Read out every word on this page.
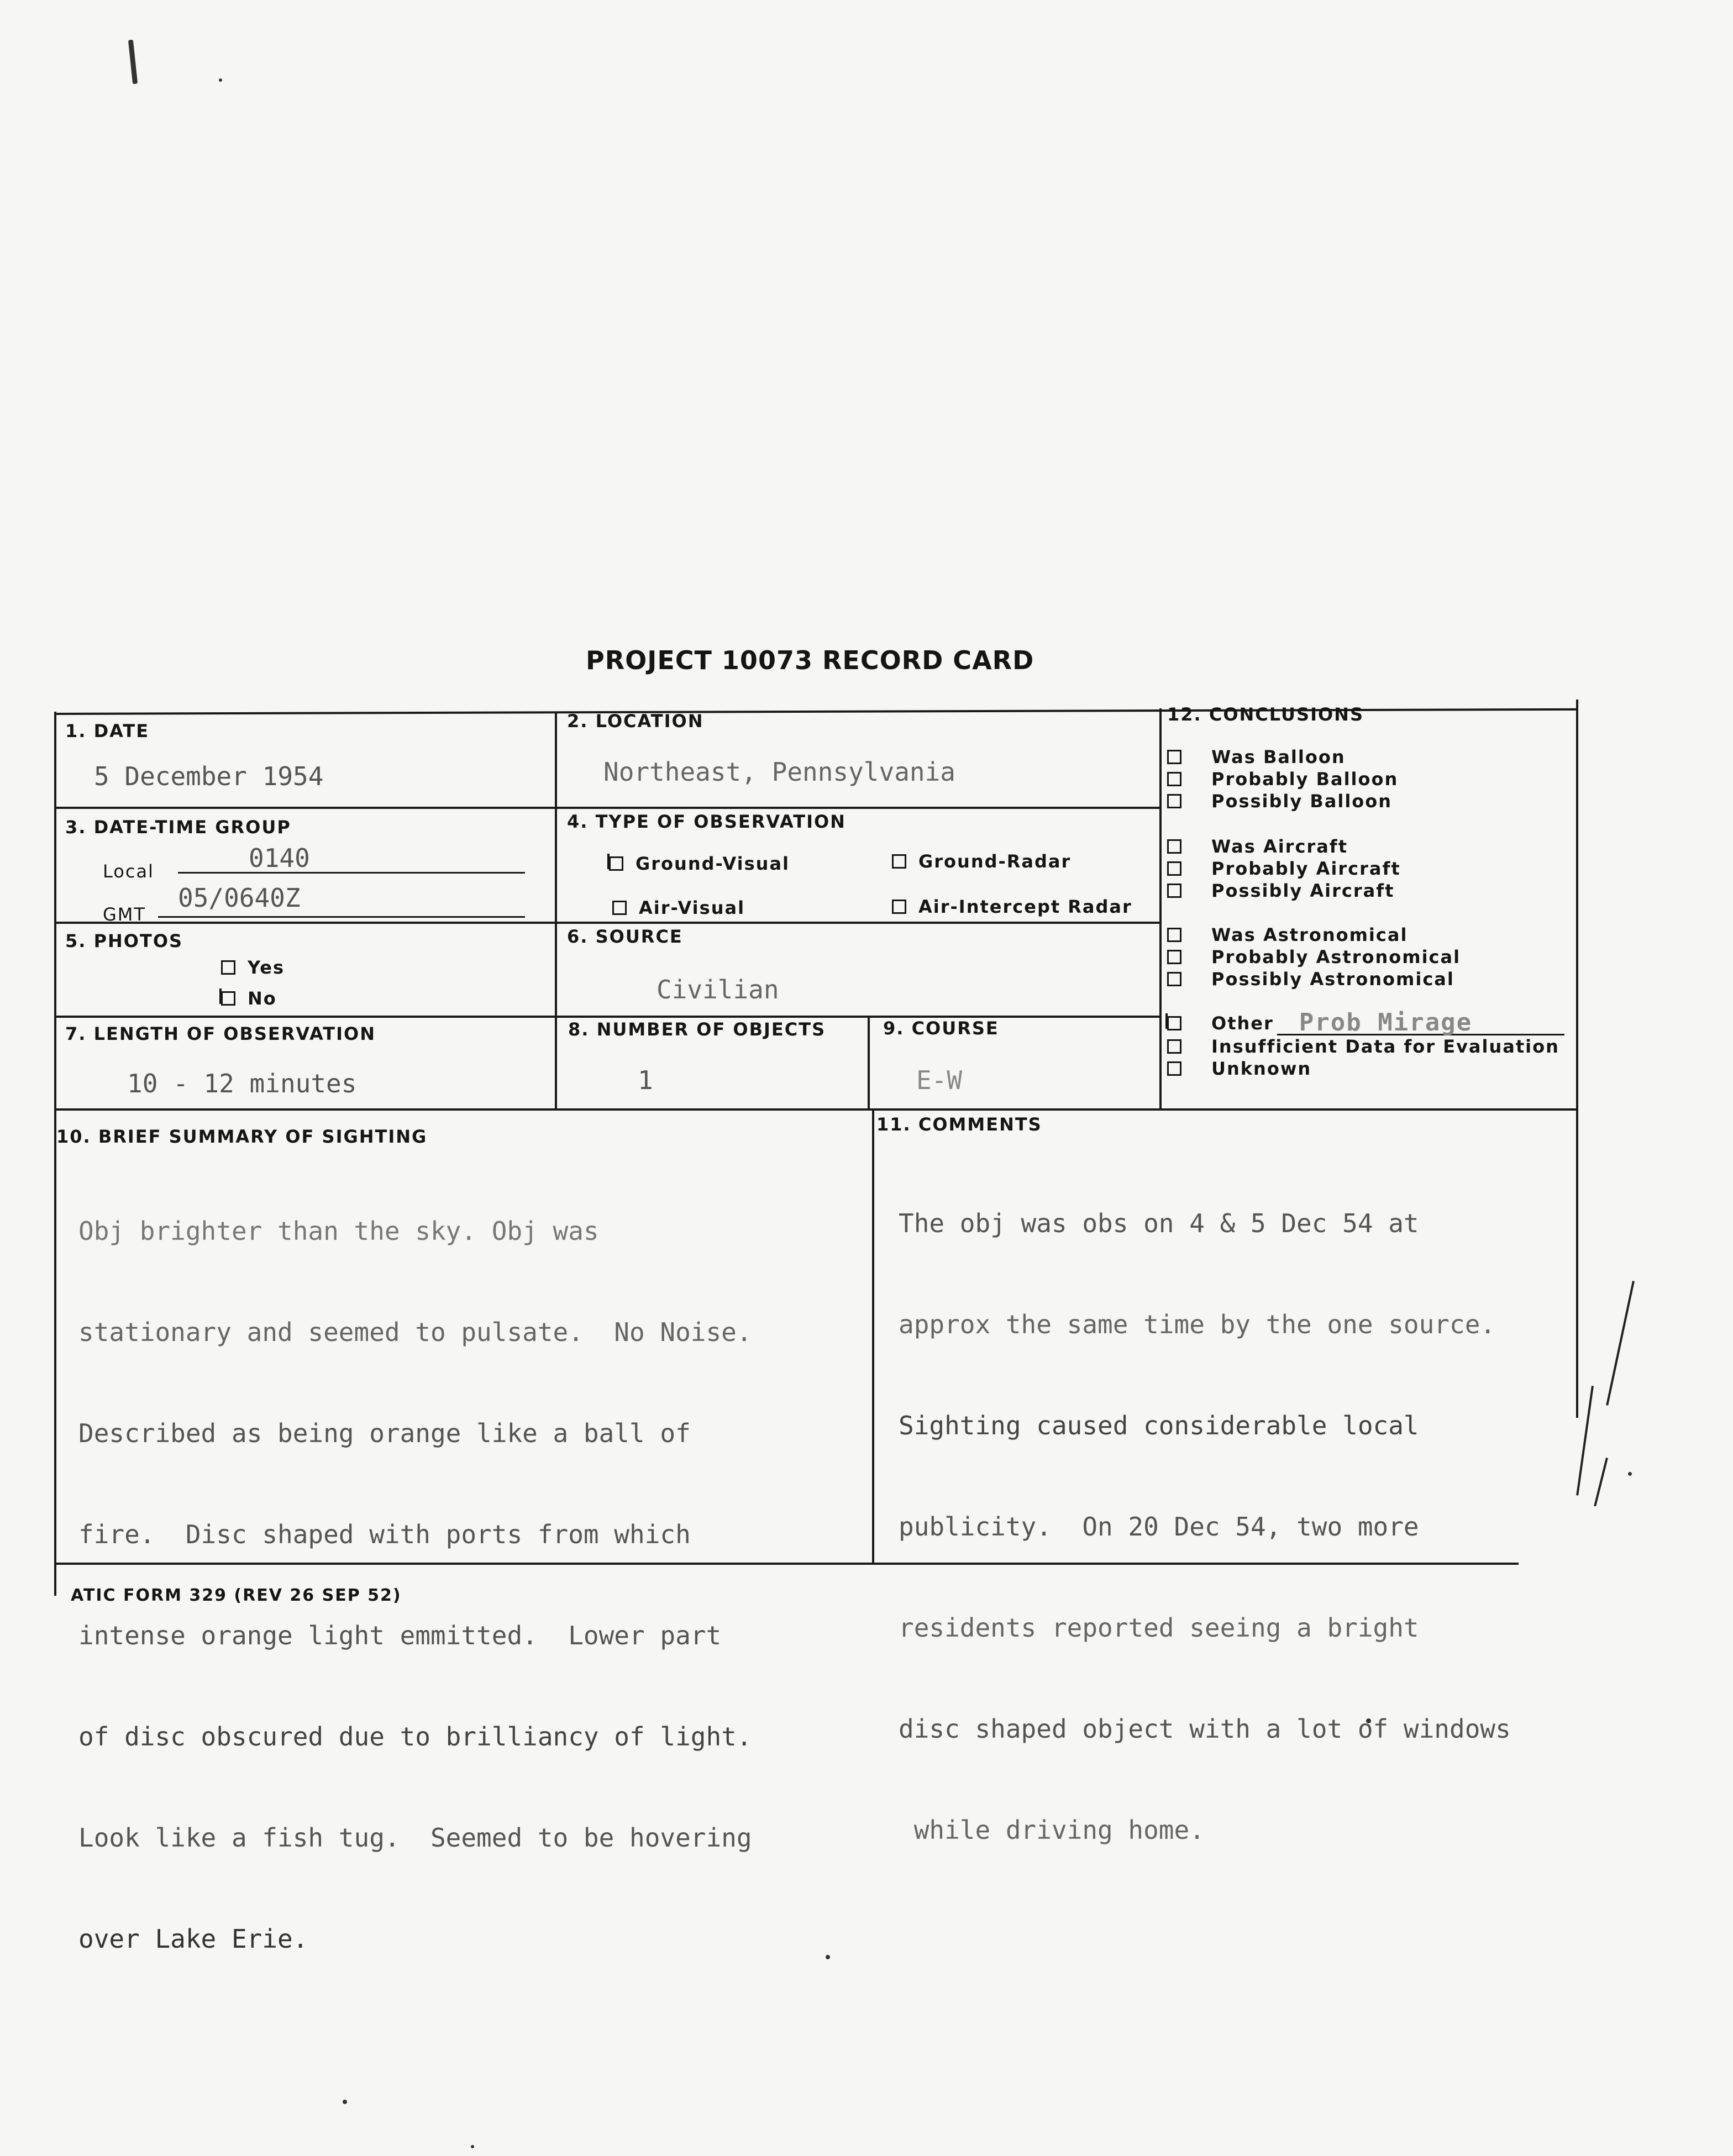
PROJECT 10073 RECORD CARD
1. DATE
5 December 1954
2. LOCATION
Northeast, Pennsylvania
3. DATE-TIME GROUP
Local	0140
GMT
05/0640Z
4. TYPE OF OBSERVATION
Ground-Visual	Ground-Radar
Air-Visual	Air-Intercept Radar
5. PHOTOS
Yes
No
6. SOURCE
Civilian
7. LENGTH OF OBSERVATION
10 - 12 minutes
8. NUMBER OF OBJECTS
1
9. COURSE
E-W
12. CONCLUSIONS
Was Balloon
Probably Balloon
Possibly Balloon
Was Aircraft
Probably Aircraft
Possibly Aircraft
Was Astronomical
Probably Astronomical
Possibly Astronomical
Other Prob Mirage
Insufficient Data for Evaluation
Unknown
10. BRIEF SUMMARY OF SIGHTING

Obj brighter than the sky. Obj was

stationary and seemed to pulsate.  No Noise.

Described as being orange like a ball of

fire.  Disc shaped with ports from which

intense orange light emmitted.  Lower part

of disc obscured due to brilliancy of light.

Look like a fish tug.  Seemed to be hovering

over Lake Erie.

11. COMMENTS

The obj was obs on 4 & 5 Dec 54 at

approx the same time by the one source.

Sighting caused considerable local

publicity.  On 20 Dec 54, two more

residents reported seeing a bright

disc shaped object with a lot of windows

while driving home.

ATIC FORM 329 (REV 26 SEP 52)
